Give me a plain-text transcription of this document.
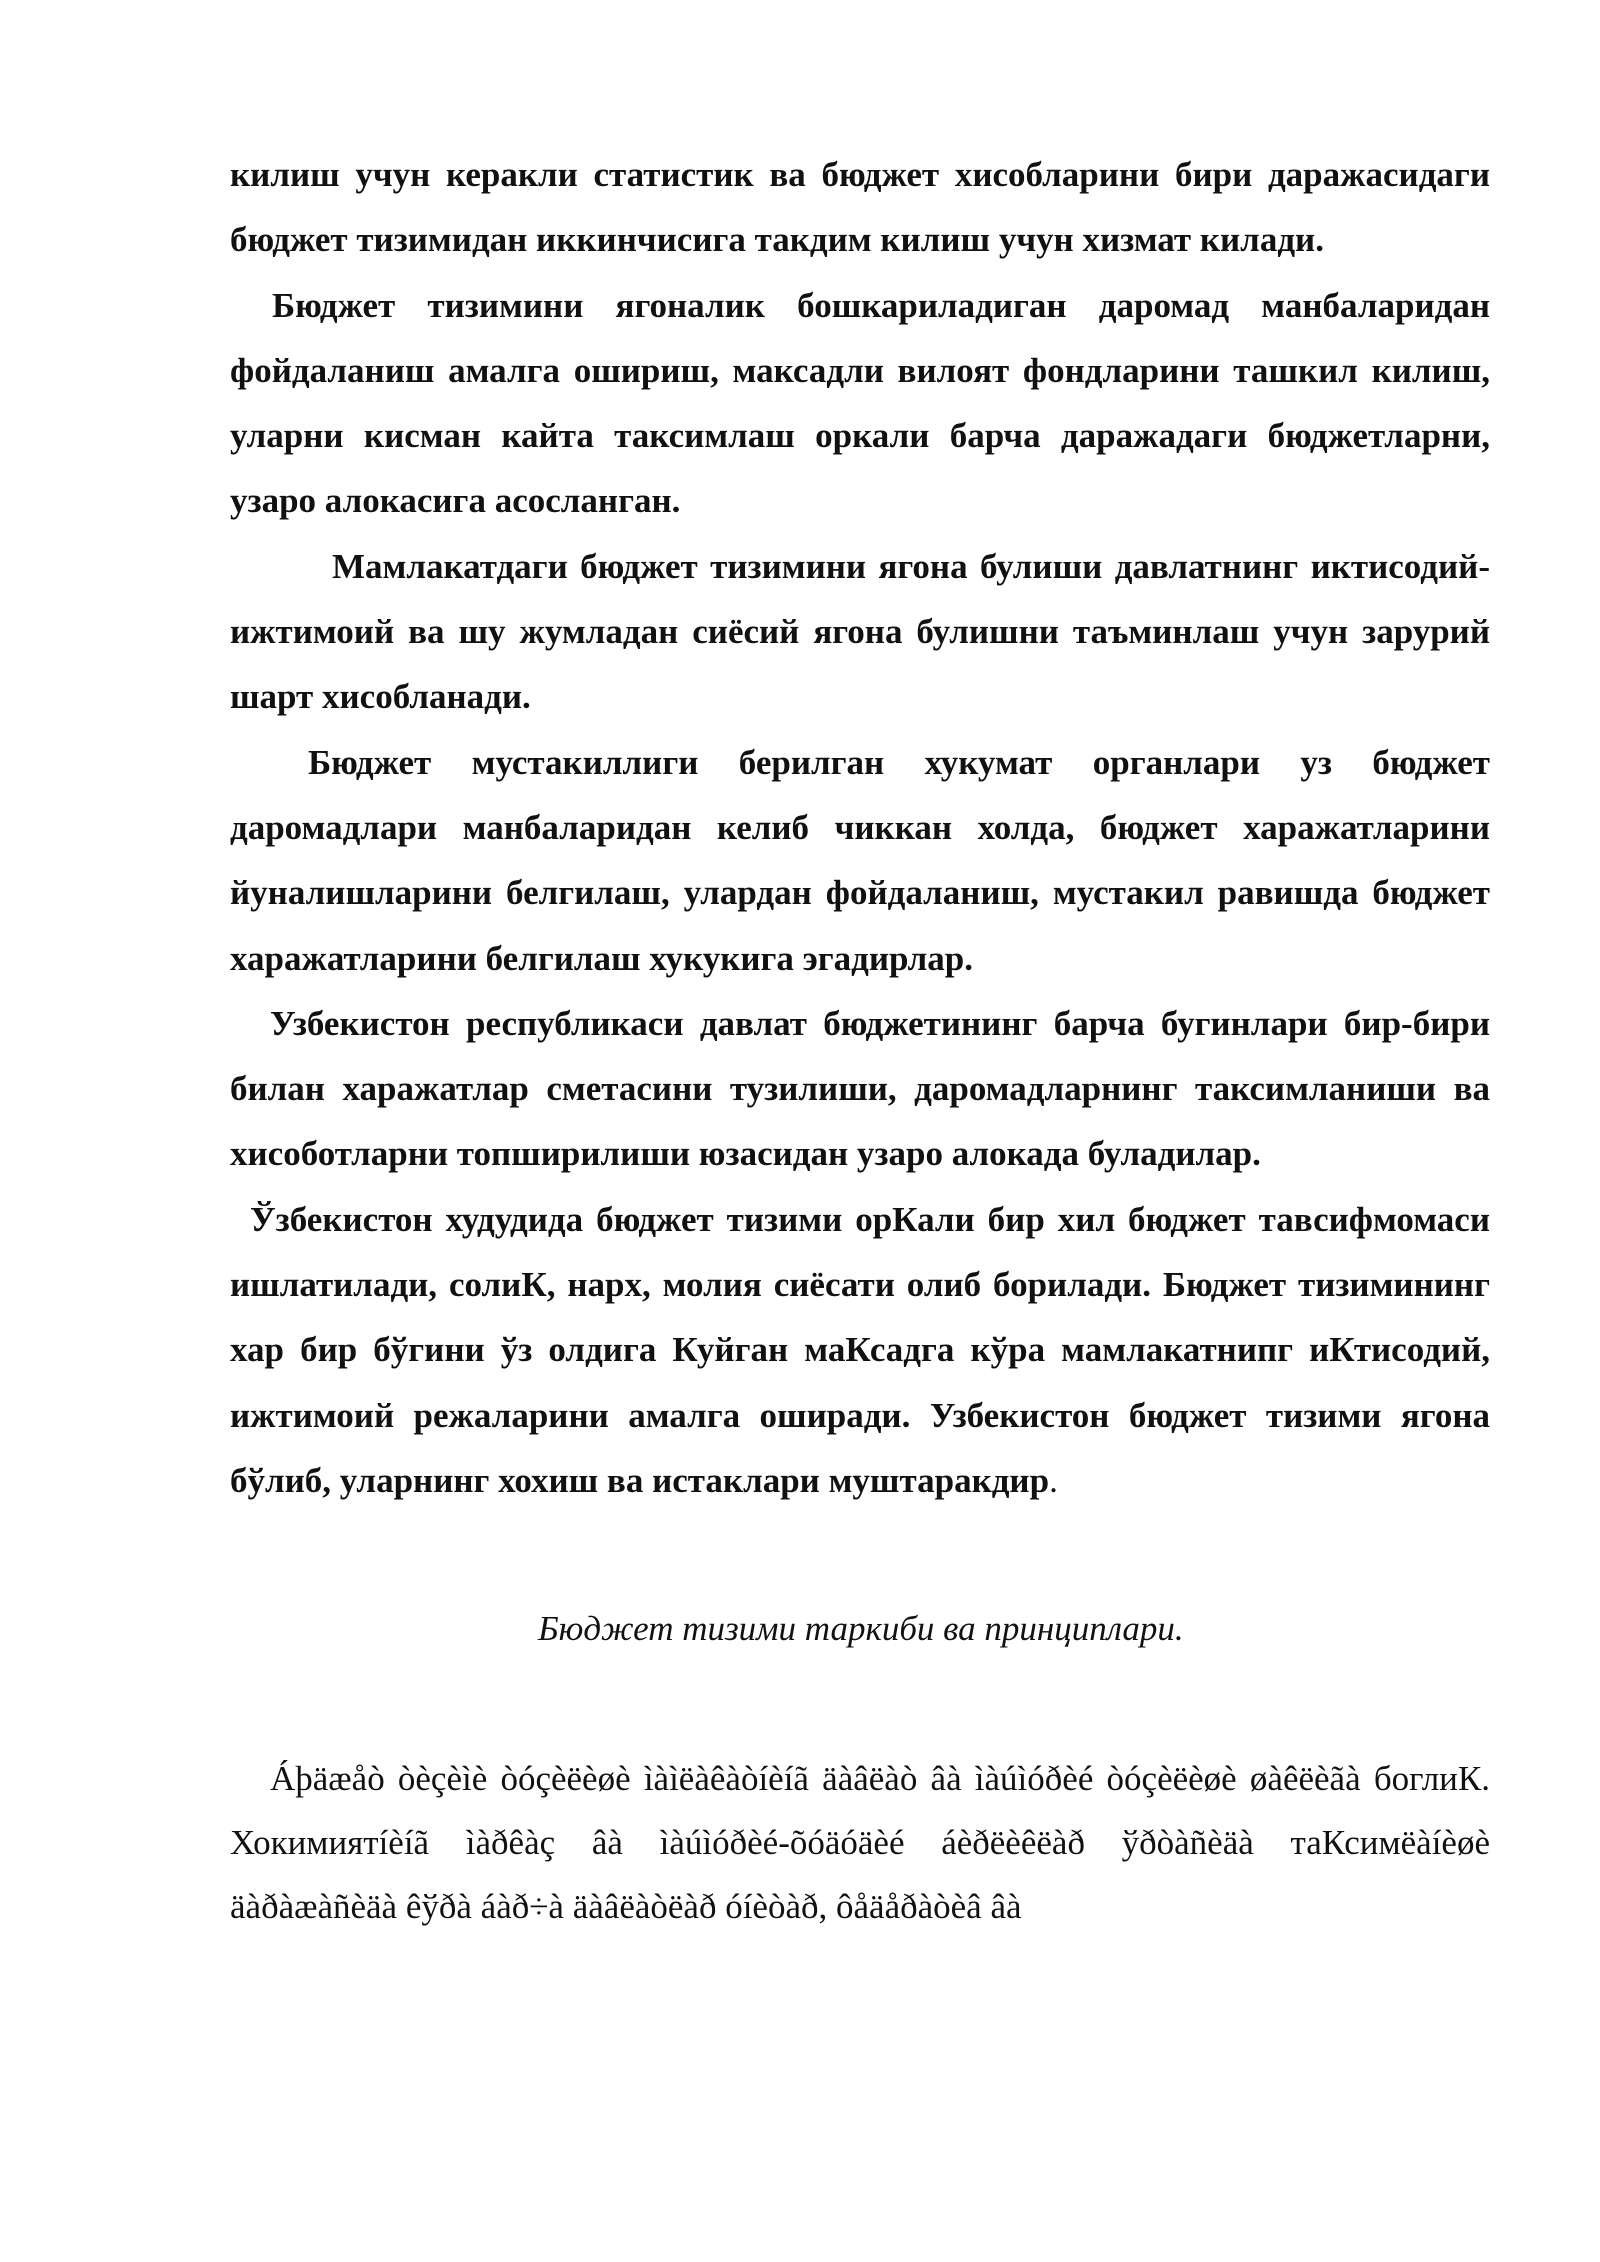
килиш учун керакли статистик ва бюджет хисобларини бири даражасидаги бюджет тизимидан иккинчисига такдим килиш учун хизмат килади.

Бюджет тизимини ягоналик бошкариладиган даромад манбаларидан фойдаланиш амалга ошириш, максадли вилоят фондларини ташкил килиш, уларни кисман кайта таксимлаш оркали барча даражадаги бюджетларни, узаро алокасига асосланган.

Мамлакатдаги бюджет тизимини ягона булиши давлатнинг иктисодий-ижтимоий ва шу жумладан сиёсий ягона булишни таъминлаш учун зарурий шарт хисобланади.

Бюджет мустакиллиги берилган хукумат органлари уз бюджет даромадлари манбаларидан келиб чиккан холда, бюджет харажатларини йуналишларини белгилаш, улардан фойдаланиш, мустакил равишда бюджет харажатларини белгилаш хукукига эгадирлар.

Узбекистон республикаси давлат бюджетининг барча бугинлари бир-бири билан харажатлар сметасини тузилиши, даромадларнинг таксимланиши ва хисоботларни топширилиши юзасидан узаро алокада буладилар.

Ўзбекистон худудида бюджет тизими орКали бир хил бюджет тавсифмомаси ишлатилади, солиК, нарх, молия сиёсати олиб борилади. Бюджет тизимининг хар бир бўгини ўз олдига Куйган маКсадга кўра мамлакатнипг иКтисодий, ижтимоий режаларини амалга оширади. Узбекистон бюджет тизими ягона бўлиб, уларнинг хохиш ва истаклари муштаракдир.

Бюджет тизими таркиби ва принциплари.

Áþäæåò òèçèìè òóçèëèøè ìàìëàêàòíèíã äàâëàò âà ìàúìóðèé òóçèëèøè øàêëèãà боглиК. Хокимиятíèíã ìàðêàç âà ìàúìóðèé-õóäóäèé áèðëèêëàð ўðòàñèäà таКсимëàíèøè äàðàæàñèäà êўðà áàð÷à äàâëàòëàð óíèòàð, ôåäåðàòèâ âà
